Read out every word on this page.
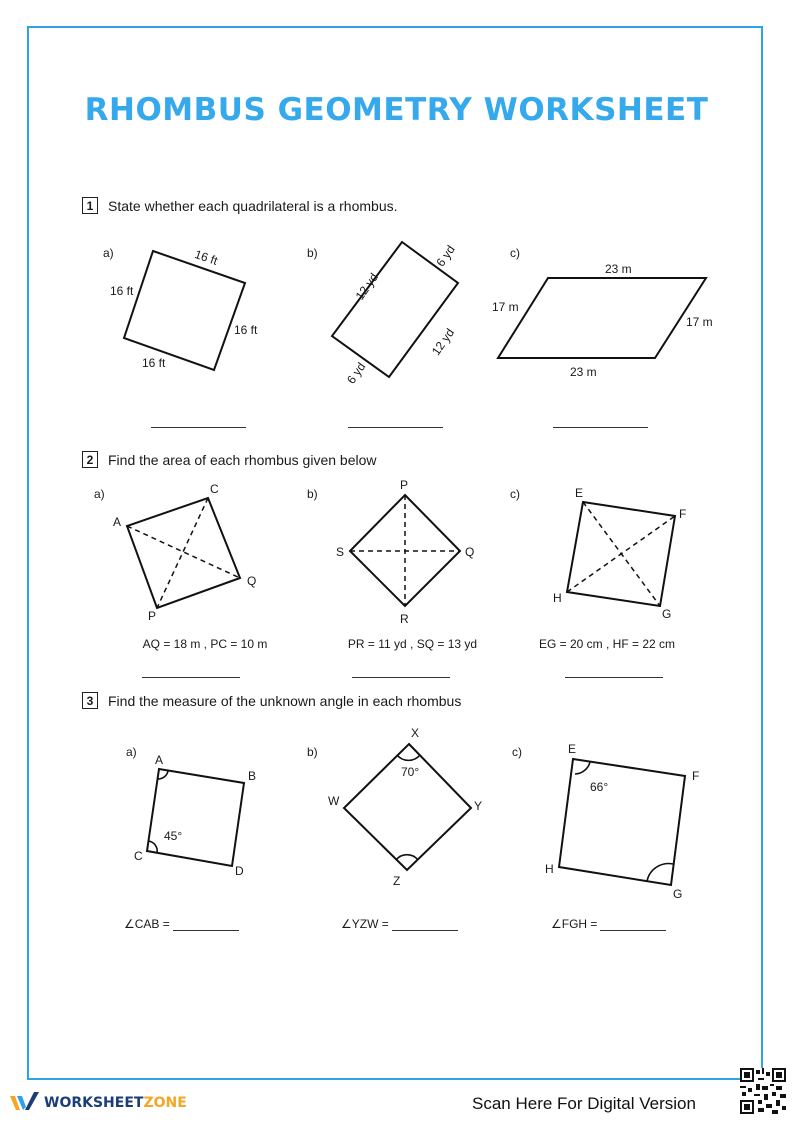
RHOMBUS GEOMETRY WORKSHEET
1	State whether each quadrilateral is a rhombus.
2	Find the area of each rhombus given below
3	Find the measure of the unknown angle in each rhombus
a)	b)	c)
a)	b)	c)
a)	b)	c)
16 ft
16 ft
16 ft
16 ft
6 yd
12 yd
12 yd
6 yd
23 m
17 m
17 m
23 m
A
C
Q
P
P
S	Q
R
E
F
H
G
A
B
C
D
45°
X
W	Y
Z
70°
E
F
H
G
66°
AQ = 18 m , PC = 10 m	PR = 11 yd , SQ = 13 yd	EG = 20 cm , HF = 22 cm
∠CAB =	∠YZW =	∠FGH =
WORKSHEETZONE	Scan Here For Digital Version
